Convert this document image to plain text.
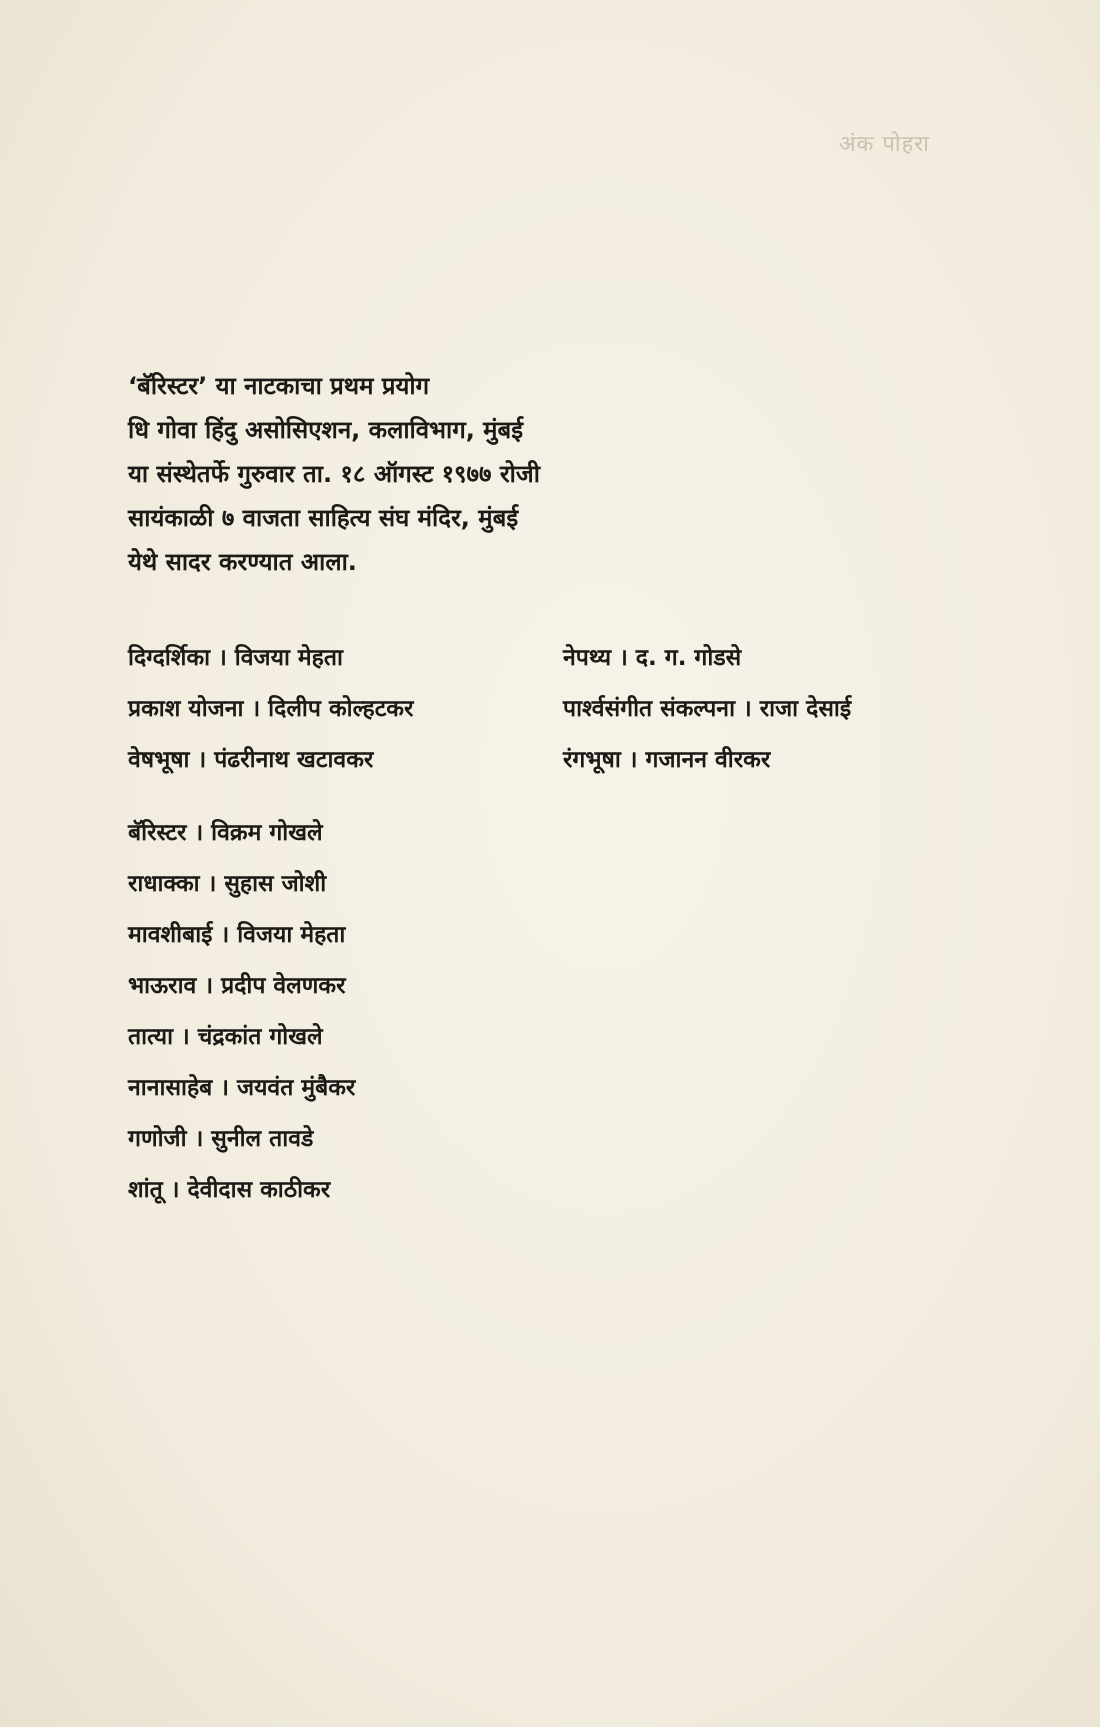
अंक पोहरा
‘बॅरिस्टर’ या नाटकाचा प्रथम प्रयोग
धि गोवा हिंदु असोसिएशन, कलाविभाग, मुंबई
या संस्थेतर्फे गुरुवार ता. १८ ऑगस्ट १९७७ रोजी
सायंकाळी ७ वाजता साहित्य संघ मंदिर, मुंबई
येथे सादर करण्यात आला.
दिग्दर्शिका । विजया मेहता	नेपथ्य । द. ग. गोडसे
प्रकाश योजना । दिलीप कोल्हटकर	पार्श्वसंगीत संकल्पना । राजा देसाई
वेषभूषा । पंढरीनाथ खटावकर	रंगभूषा । गजानन वीरकर
बॅरिस्टर । विक्रम गोखले
राधाक्का । सुहास जोशी
मावशीबाई । विजया मेहता
भाऊराव । प्रदीप वेलणकर
तात्या । चंद्रकांत गोखले
नानासाहेब । जयवंत मुंबैकर
गणोजी । सुनील तावडे
शांतू । देवीदास काठीकर
